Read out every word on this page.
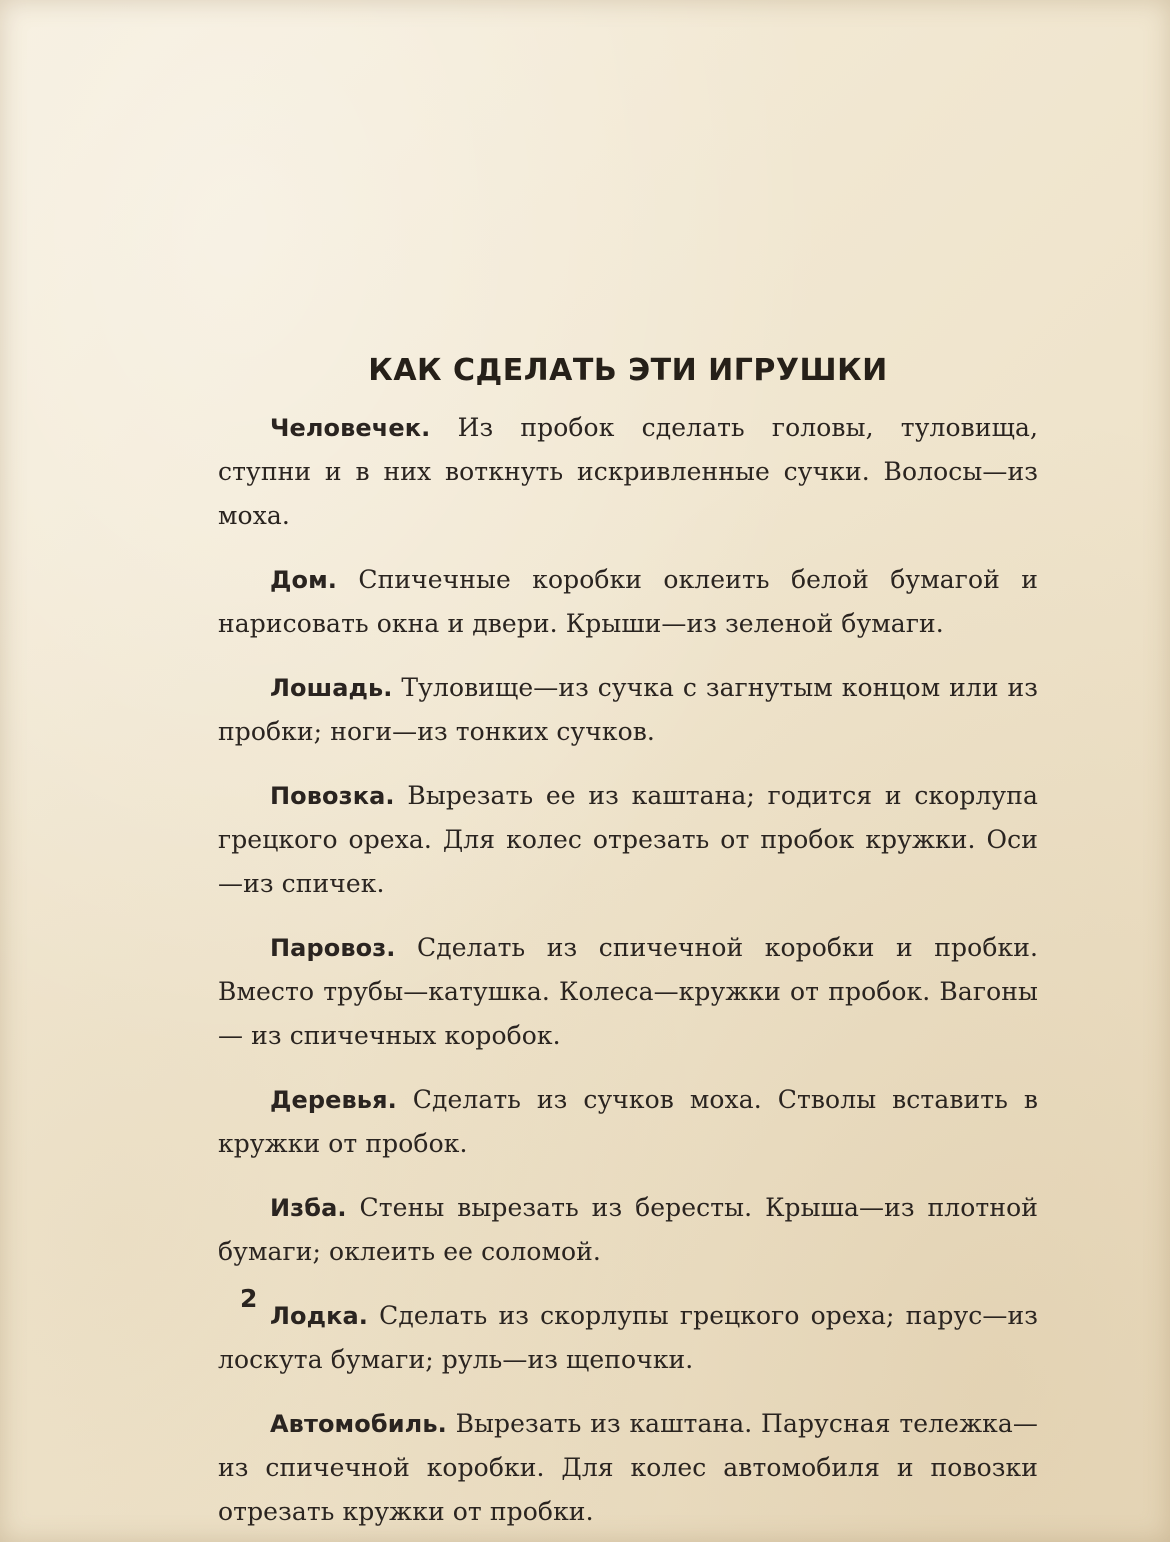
КАК СДЕЛАТЬ ЭТИ ИГРУШКИ

Человечек. Из пробок сделать головы, туловища, ступни и в них воткнуть искривленные сучки. Волосы—из моха.

Дом. Спичечные коробки оклеить белой бумагой и нарисовать окна и двери. Крыши—из зеленой бумаги.

Лошадь. Туловище—из сучка с загнутым концом или из пробки; ноги—из тонких сучков.

Повозка. Вырезать ее из каштана; годится и скорлупа грецкого ореха. Для колес отрезать от пробок кружки. Оси—из спичек.

Паровоз. Сделать из спичечной коробки и пробки. Вместо трубы—катушка. Колеса—кружки от пробок. Вагоны — из спичечных коробок.

Деревья. Сделать из сучков моха. Стволы вставить в кружки от пробок.

Изба. Стены вырезать из бересты. Крыша—из плотной бумаги; оклеить ее соломой.

Лодка. Сделать из скорлупы грецкого ореха; парус—из лоскута бумаги; руль—из щепочки.

Автомобиль. Вырезать из каштана. Парусная тележка—из спичечной коробки. Для колес автомобиля и повозки отрезать кружки от пробки.

2
